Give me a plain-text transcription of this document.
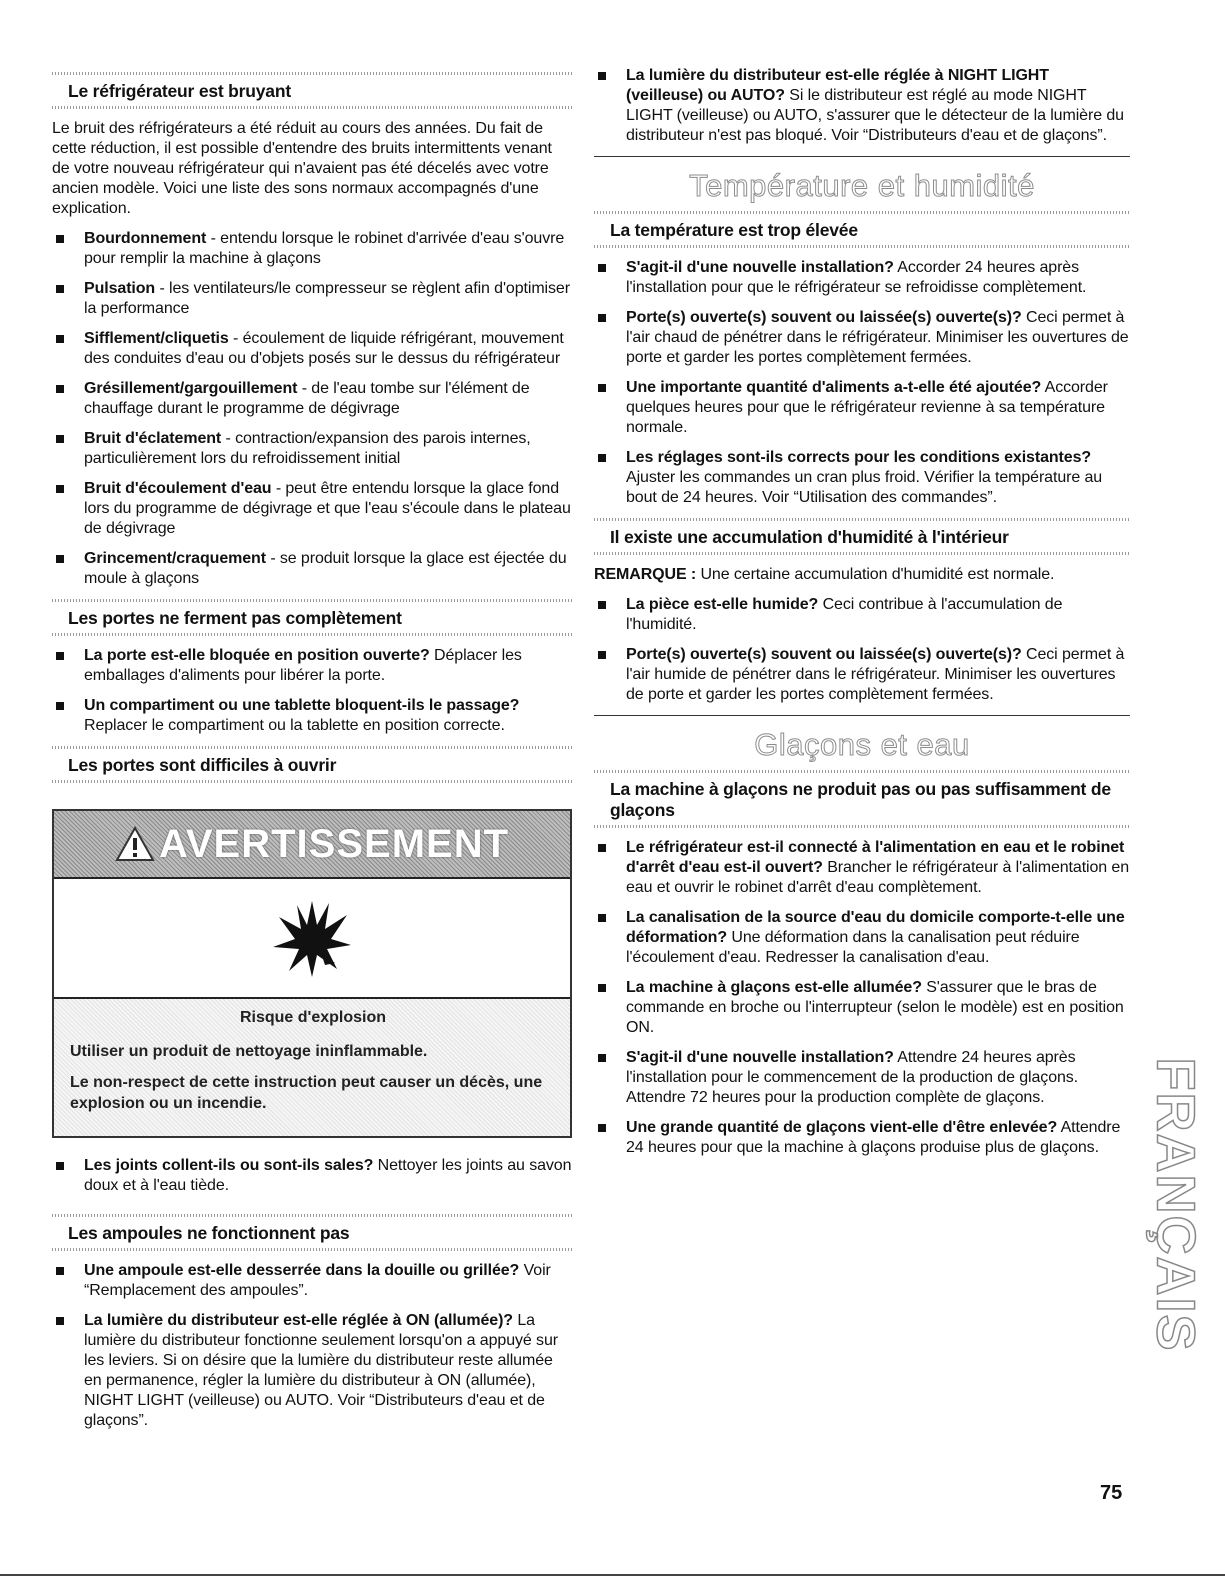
Le réfrigérateur est bruyant

Le bruit des réfrigérateurs a été réduit au cours des années. Du fait de cette réduction, il est possible d'entendre des bruits intermittents venant de votre nouveau réfrigérateur qui n'avaient pas été décelés avec votre ancien modèle. Voici une liste des sons normaux accompagnés d'une explication.

Bourdonnement - entendu lorsque le robinet d'arrivée d'eau s'ouvre pour remplir la machine à glaçons
Pulsation - les ventilateurs/le compresseur se règlent afin d'optimiser la performance
Sifflement/cliquetis - écoulement de liquide réfrigérant, mouvement des conduites d'eau ou d'objets posés sur le dessus du réfrigérateur
Grésillement/gargouillement - de l'eau tombe sur l'élément de chauffage durant le programme de dégivrage
Bruit d'éclatement - contraction/expansion des parois internes, particulièrement lors du refroidissement initial
Bruit d'écoulement d'eau - peut être entendu lorsque la glace fond lors du programme de dégivrage et que l'eau s'écoule dans le plateau de dégivrage
Grincement/craquement - se produit lorsque la glace est éjectée du moule à glaçons
Les portes ne ferment pas complètement
La porte est-elle bloquée en position ouverte? Déplacer les emballages d'aliments pour libérer la porte.
Un compartiment ou une tablette bloquent-ils le passage? Replacer le compartiment ou la tablette en position correcte.
Les portes sont difficiles à ouvrir
AVERTISSEMENT
Risque d'explosion

Utiliser un produit de nettoyage ininflammable.

Le non-respect de cette instruction peut causer un décès, une explosion ou un incendie.

Les joints collent-ils ou sont-ils sales? Nettoyer les joints au savon doux et à l'eau tiède.
Les ampoules ne fonctionnent pas
Une ampoule est-elle desserrée dans la douille ou grillée? Voir “Remplacement des ampoules”.
La lumière du distributeur est-elle réglée à ON (allumée)? La lumière du distributeur fonctionne seulement lorsqu'on a appuyé sur les leviers. Si on désire que la lumière du distributeur reste allumée en permanence, régler la lumière du distributeur à ON (allumée), NIGHT LIGHT (veilleuse) ou AUTO. Voir “Distributeurs d'eau et de glaçons”.
La lumière du distributeur est-elle réglée à NIGHT LIGHT (veilleuse) ou AUTO? Si le distributeur est réglé au mode NIGHT LIGHT (veilleuse) ou AUTO, s'assurer que le détecteur de la lumière du distributeur n'est pas bloqué. Voir “Distributeurs d'eau et de glaçons”.
Température et humidité
La température est trop élevée
S'agit-il d'une nouvelle installation? Accorder 24 heures après l'installation pour que le réfrigérateur se refroidisse complètement.
Porte(s) ouverte(s) souvent ou laissée(s) ouverte(s)? Ceci permet à l'air chaud de pénétrer dans le réfrigérateur. Minimiser les ouvertures de porte et garder les portes complètement fermées.
Une importante quantité d'aliments a-t-elle été ajoutée? Accorder quelques heures pour que le réfrigérateur revienne à sa température normale.
Les réglages sont-ils corrects pour les conditions existantes? Ajuster les commandes un cran plus froid. Vérifier la température au bout de 24 heures. Voir “Utilisation des commandes”.
Il existe une accumulation d'humidité à l'intérieur

REMARQUE : Une certaine accumulation d'humidité est normale.

La pièce est-elle humide? Ceci contribue à l'accumulation de l'humidité.
Porte(s) ouverte(s) souvent ou laissée(s) ouverte(s)? Ceci permet à l'air humide de pénétrer dans le réfrigérateur. Minimiser les ouvertures de porte et garder les portes complètement fermées.
Glaçons et eau
La machine à glaçons ne produit pas ou pas suffisamment de glaçons
Le réfrigérateur est-il connecté à l'alimentation en eau et le robinet d'arrêt d'eau est-il ouvert? Brancher le réfrigérateur à l'alimentation en eau et ouvrir le robinet d'arrêt d'eau complètement.
La canalisation de la source d'eau du domicile comporte-t-elle une déformation? Une déformation dans la canalisation peut réduire l'écoulement d'eau. Redresser la canalisation d'eau.
La machine à glaçons est-elle allumée? S'assurer que le bras de commande en broche ou l'interrupteur (selon le modèle) est en position ON.
S'agit-il d'une nouvelle installation? Attendre 24 heures après l'installation pour le commencement de la production de glaçons. Attendre 72 heures pour la production complète de glaçons.
Une grande quantité de glaçons vient-elle d'être enlevée? Attendre 24 heures pour que la machine à glaçons produise plus de glaçons. FRANÇAIS
75
